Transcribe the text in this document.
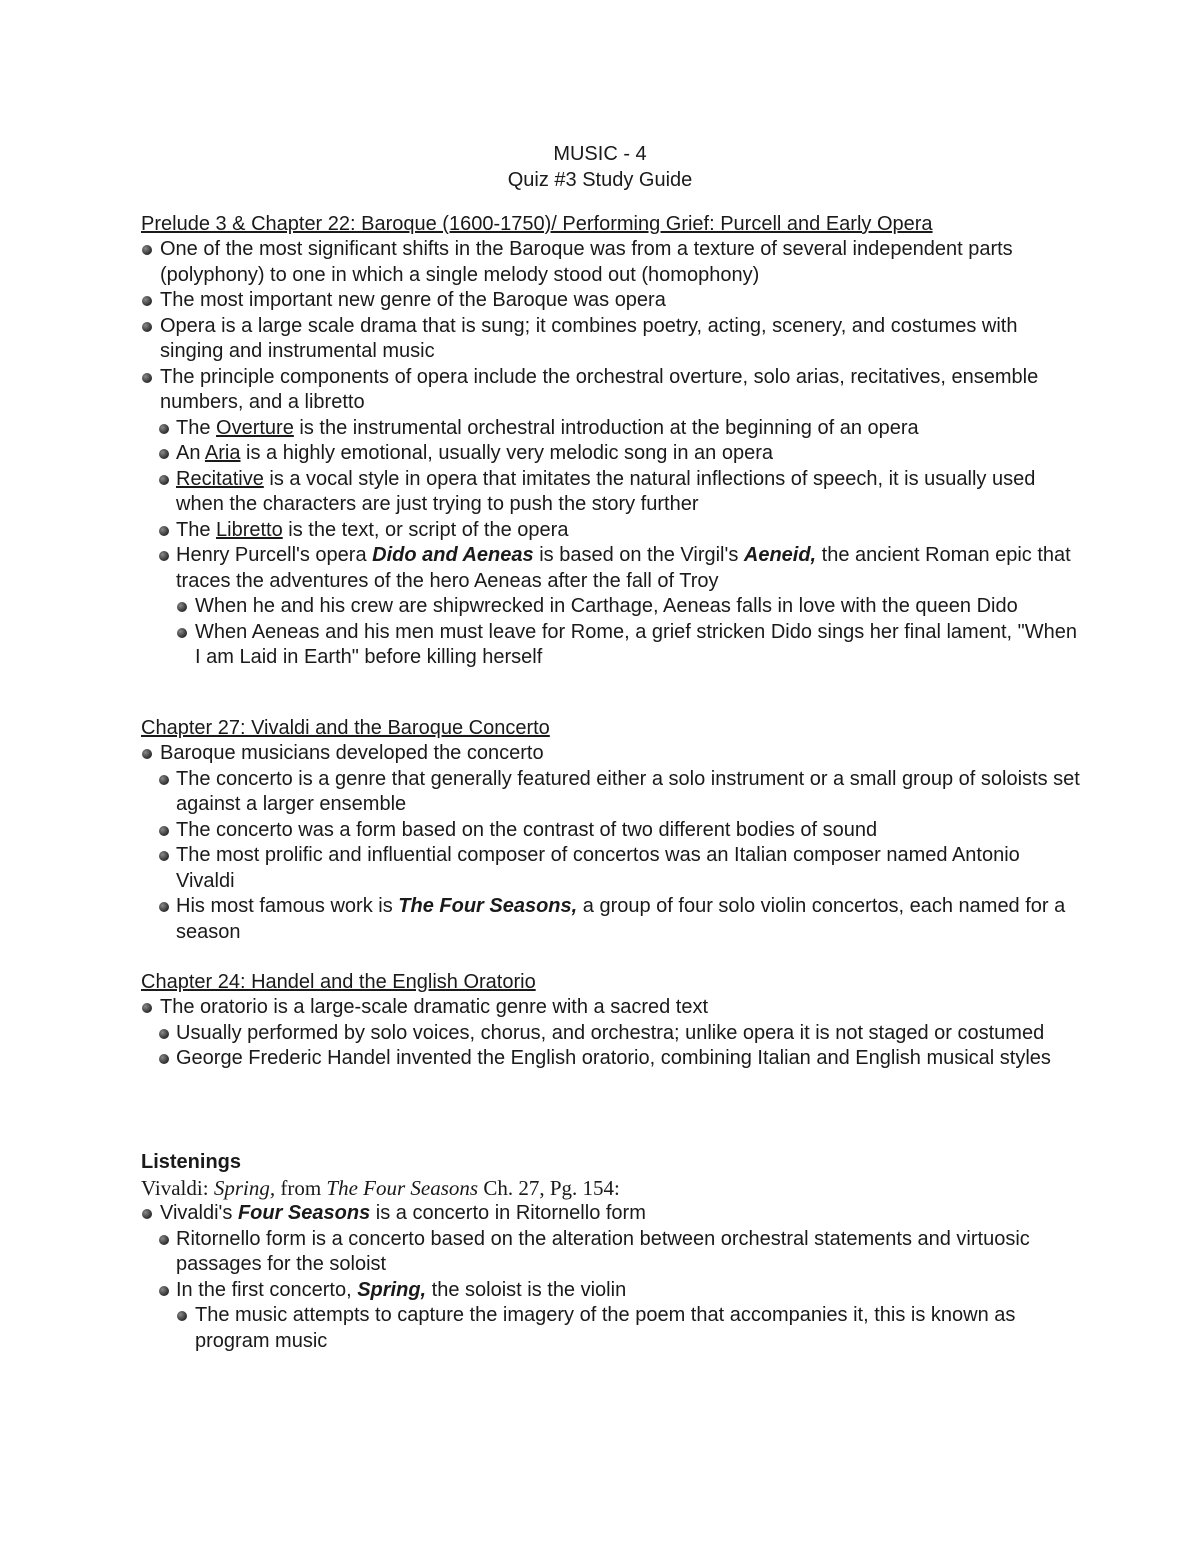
MUSIC - 4
Quiz #3 Study Guide
Prelude 3 & Chapter 22: Baroque (1600-1750)/ Performing Grief: Purcell and Early Opera
One of the most significant shifts in the Baroque was from a texture of several independent parts (polyphony) to one in which a single melody stood out (homophony)
The most important new genre of the Baroque was opera
Opera is a large scale drama that is sung; it combines poetry, acting, scenery, and costumes with singing and instrumental music
The principle components of opera include the orchestral overture, solo arias, recitatives, ensemble numbers, and a libretto
The Overture is the instrumental orchestral introduction at the beginning of an opera
An Aria is a highly emotional, usually very melodic song in an opera
Recitative is a vocal style in opera that imitates the natural inflections of speech, it is usually used when the characters are just trying to push the story further
The Libretto is the text, or script of the opera
Henry Purcell's opera Dido and Aeneas is based on the Virgil's Aeneid, the ancient Roman epic that traces the adventures of the hero Aeneas after the fall of Troy
When he and his crew are shipwrecked in Carthage, Aeneas falls in love with the queen Dido
When Aeneas and his men must leave for Rome, a grief stricken Dido sings her final lament, "When I am Laid in Earth" before killing herself
Chapter 27: Vivaldi and the Baroque Concerto
Baroque musicians developed the concerto
The concerto is a genre that generally featured either a solo instrument or a small group of soloists set against a larger ensemble
The concerto was a form based on the contrast of two different bodies of sound
The most prolific and influential composer of concertos was an Italian composer named Antonio Vivaldi
His most famous work is The Four Seasons, a group of four solo violin concertos, each named for a season
Chapter 24: Handel and the English Oratorio
The oratorio is a large-scale dramatic genre with a sacred text
Usually performed by solo voices, chorus, and orchestra; unlike opera it is not staged or costumed
George Frederic Handel invented the English oratorio, combining Italian and English musical styles
Listenings
Vivaldi: Spring, from The Four Seasons Ch. 27, Pg. 154:
Vivaldi's Four Seasons is a concerto in Ritornello form
Ritornello form is a concerto based on the alteration between orchestral statements and virtuosic passages for the soloist
In the first concerto, Spring, the soloist is the violin
The music attempts to capture the imagery of the poem that accompanies it, this is known as program music
